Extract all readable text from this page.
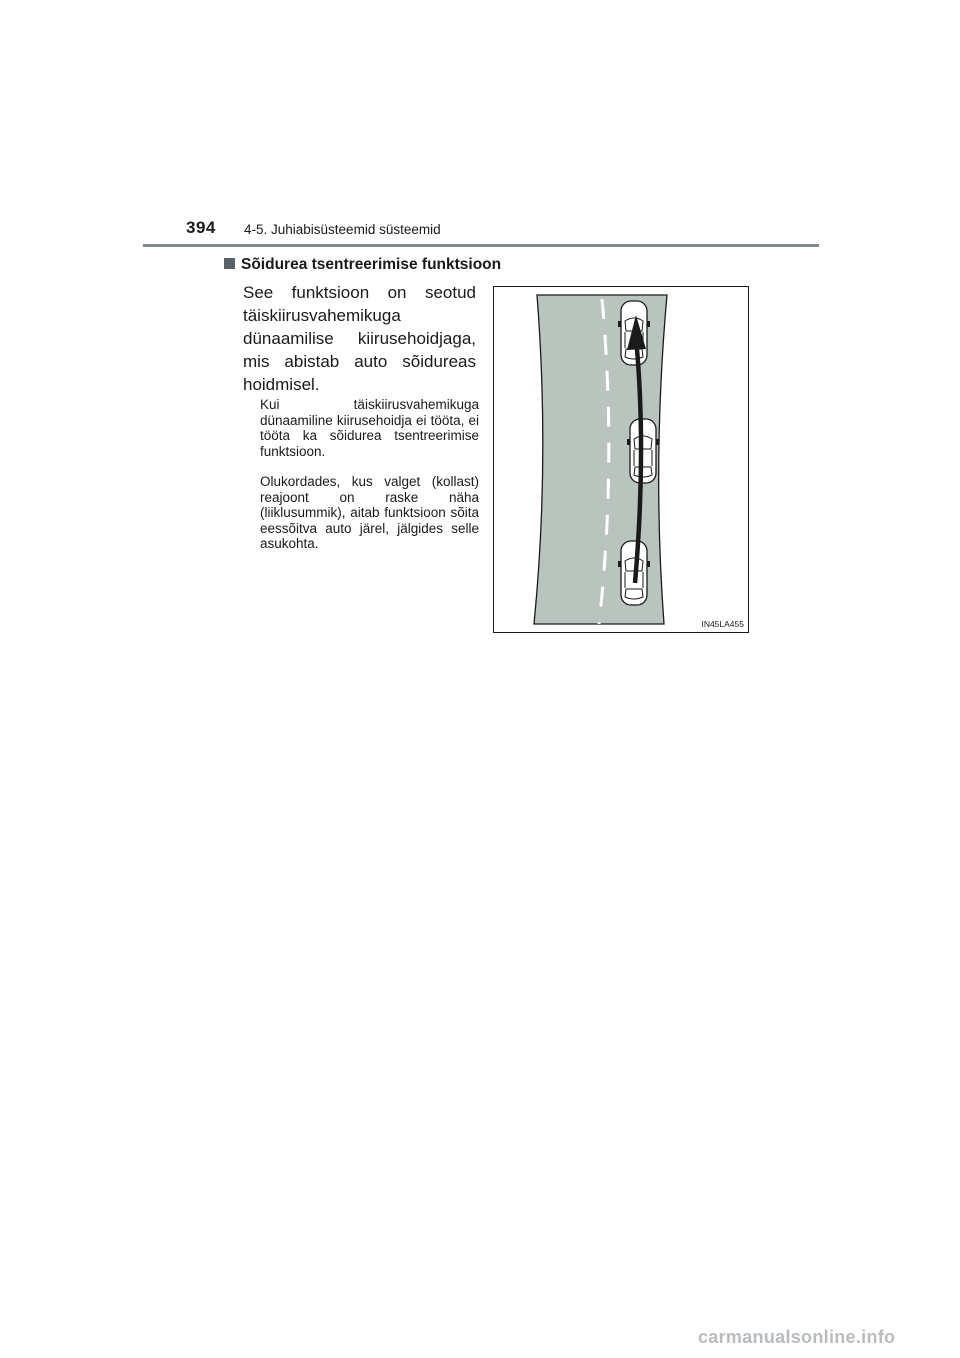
394 4-5. Juhiabisüsteemid süsteemid
Sõidurea tsentreerimise funktsioon
See funktsioon on seotud täiskiirusvahemikuga dünaamilise kiirusehoidjaga, mis abistab auto sõidureas hoidmisel.
Kui täiskiirusvahemikuga dünaamiline kiirusehoidja ei tööta, ei tööta ka sõidurea tsentreerimise funktsioon.
Olukordades, kus valget (kollast) reajoont on raske näha (liiklusummik), aitab funktsioon sõita eessõitva auto järel, jälgides selle asukohta.
IN45LA455
carmanualsonline.info
